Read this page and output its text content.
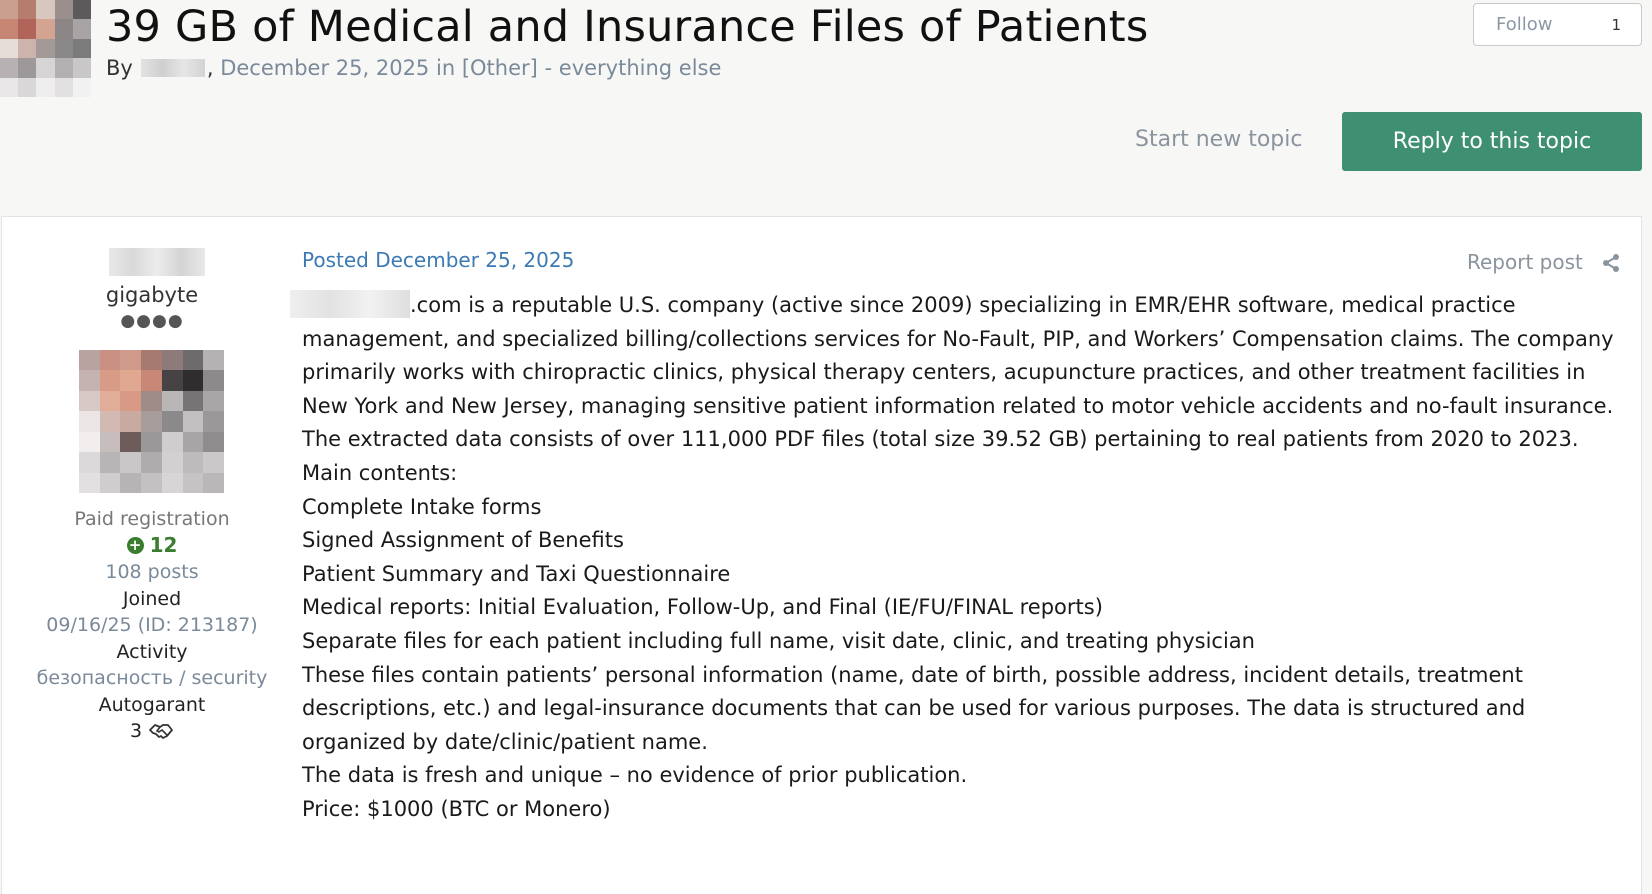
39 GB of Medical and Insurance Files of Patients
By	, December 25, 2025 in [Other] - everything else
Follow	1
Start new topic	Reply to this topic
gigabyte
●●●●
Paid registration
+ 12
108 posts
Joined
09/16/25 (ID: 213187)
Activity
безопасность / security
Autogarant
3
Posted December 25, 2025	Report post

.com is a reputable U.S. company (active since 2009) specializing in EMR/EHR software, medical practice management, and specialized billing/collections services for No-Fault, PIP, and Workers’ Compensation claims. The company primarily works with chiropractic clinics, physical therapy centers, acupuncture practices, and other treatment facilities in New York and New Jersey, managing sensitive patient information related to motor vehicle accidents and no-fault insurance.

The extracted data consists of over 111,000 PDF files (total size 39.52 GB) pertaining to real patients from 2020 to 2023.

Main contents:

Complete Intake forms

Signed Assignment of Benefits

Patient Summary and Taxi Questionnaire

Medical reports: Initial Evaluation, Follow-Up, and Final (IE/FU/FINAL reports)

Separate files for each patient including full name, visit date, clinic, and treating physician

These files contain patients’ personal information (name, date of birth, possible address, incident details, treatment descriptions, etc.) and legal-insurance documents that can be used for various purposes. The data is structured and organized by date/clinic/patient name.

The data is fresh and unique – no evidence of prior publication.

Price: $1000 (BTC or Monero)
